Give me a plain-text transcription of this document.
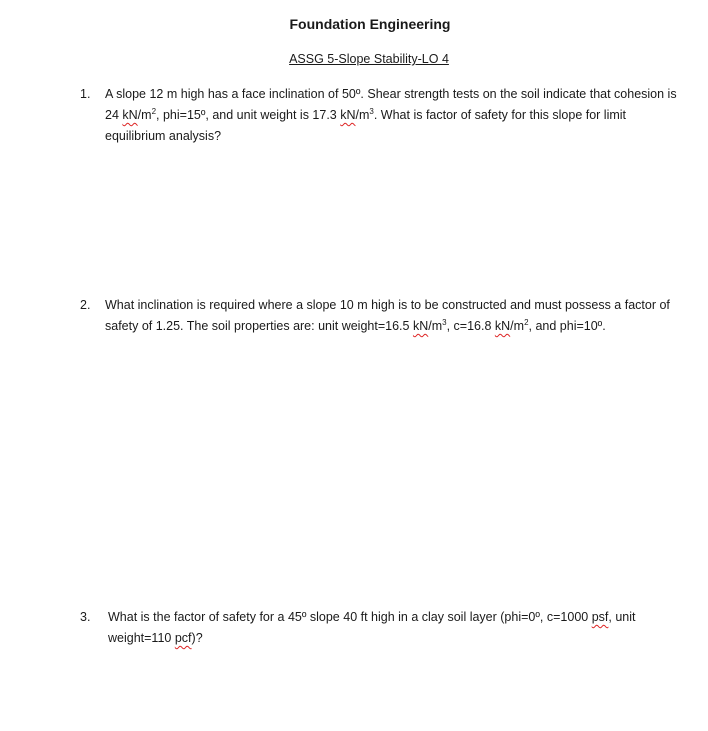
Foundation Engineering

ASSG 5-Slope Stability-LO 4

1. A slope 12 m high has a face inclination of 50º. Shear strength tests on the soil indicate that cohesion is 24 $kN/m^2$, phi=15º, and unit weight is 17.3 $kN/m^3$. What is factor of safety for this slope for limit equilibrium analysis?
2. What inclination is required where a slope 10 m high is to be constructed and must possess a factor of safety of 1.25. The soil properties are: unit weight=16.5 $kN/m^3$, c=16.8 $kN/m^2$, and phi=10º.
3. What is the factor of safety for a 45º slope 40 ft high in a clay soil layer (phi=0º, c=1000 psf, unit weight=110 pcf)?
